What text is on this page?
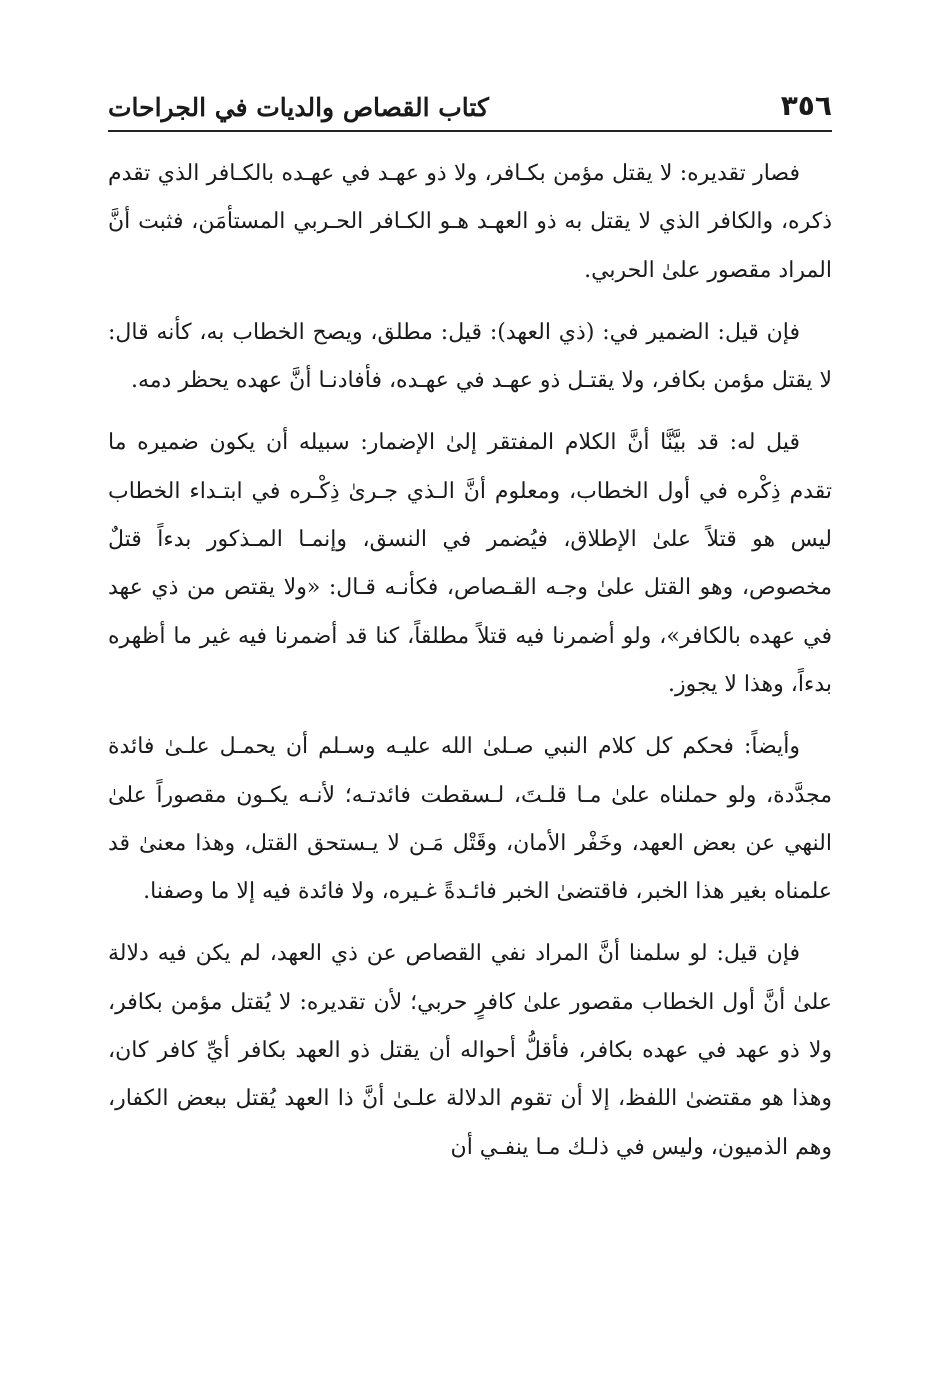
٣٥٦
كتاب القصاص والديات في الجراحات

فصار تقديره: لا يقتل مؤمن بكـافر، ولا ذو عهـد في عهـده بالكـافر الذي تقدم ذكره، والكافر الذي لا يقتل به ذو العهـد هـو الكـافر الحـربي المستأمَن، فثبت أنَّ المراد مقصور علىٰ الحربي.

فإن قيل: الضمير في: (ذي العهد): قيل: مطلق، ويصح الخطاب به، كأنه قال: لا يقتل مؤمن بكافر، ولا يقتـل ذو عهـد في عهـده، فأفادنـا أنَّ عهده يحظر دمه.

قيل له: قد بيَّنَّا أنَّ الكلام المفتقر إلىٰ الإضمار: سبيله أن يكون ضميره ما تقدم ذِكْره في أول الخطاب، ومعلوم أنَّ الـذي جـرىٰ ذِكْـره في ابتـداء الخطاب ليس هو قتلاً علىٰ الإطلاق، فيُضمر في النسق، وإنمـا المـذكور بدءاً قتلٌ مخصوص، وهو القتل علىٰ وجـه القـصاص، فكأنـه قـال: «ولا يقتص من ذي عهد في عهده بالكافر»، ولو أضمرنا فيه قتلاً مطلقاً، كنا قد أضمرنا فيه غير ما أظهره بدءاً، وهذا لا يجوز.

وأيضاً: فحكم كل كلام النبي صـلىٰ الله عليـه وسـلم أن يحمـل علـىٰ فائدة مجدَّدة، ولو حملناه علىٰ مـا قلـتَ، لـسقطت فائدتـه؛ لأنـه يكـون مقصوراً علىٰ النهي عن بعض العهد، وخَفْر الأمان، وقَتْل مَـن لا يـستحق القتل، وهذا معنىٰ قد علمناه بغير هذا الخبر، فاقتضىٰ الخبر فائـدةً غـيره، ولا فائدة فيه إلا ما وصفنا.

فإن قيل: لو سلمنا أنَّ المراد نفي القصاص عن ذي العهد، لم يكن فيه دلالة علىٰ أنَّ أول الخطاب مقصور علىٰ كافرٍ حربي؛ لأن تقديره: لا يُقتل مؤمن بكافر، ولا ذو عهد في عهده بكافر، فأقلُّ أحواله أن يقتل ذو العهد بكافر أيِّ كافر كان، وهذا هو مقتضىٰ اللفظ، إلا أن تقوم الدلالة علـىٰ أنَّ ذا العهد يُقتل ببعض الكفار، وهم الذميون، وليس في ذلـك مـا ينفـي أن
